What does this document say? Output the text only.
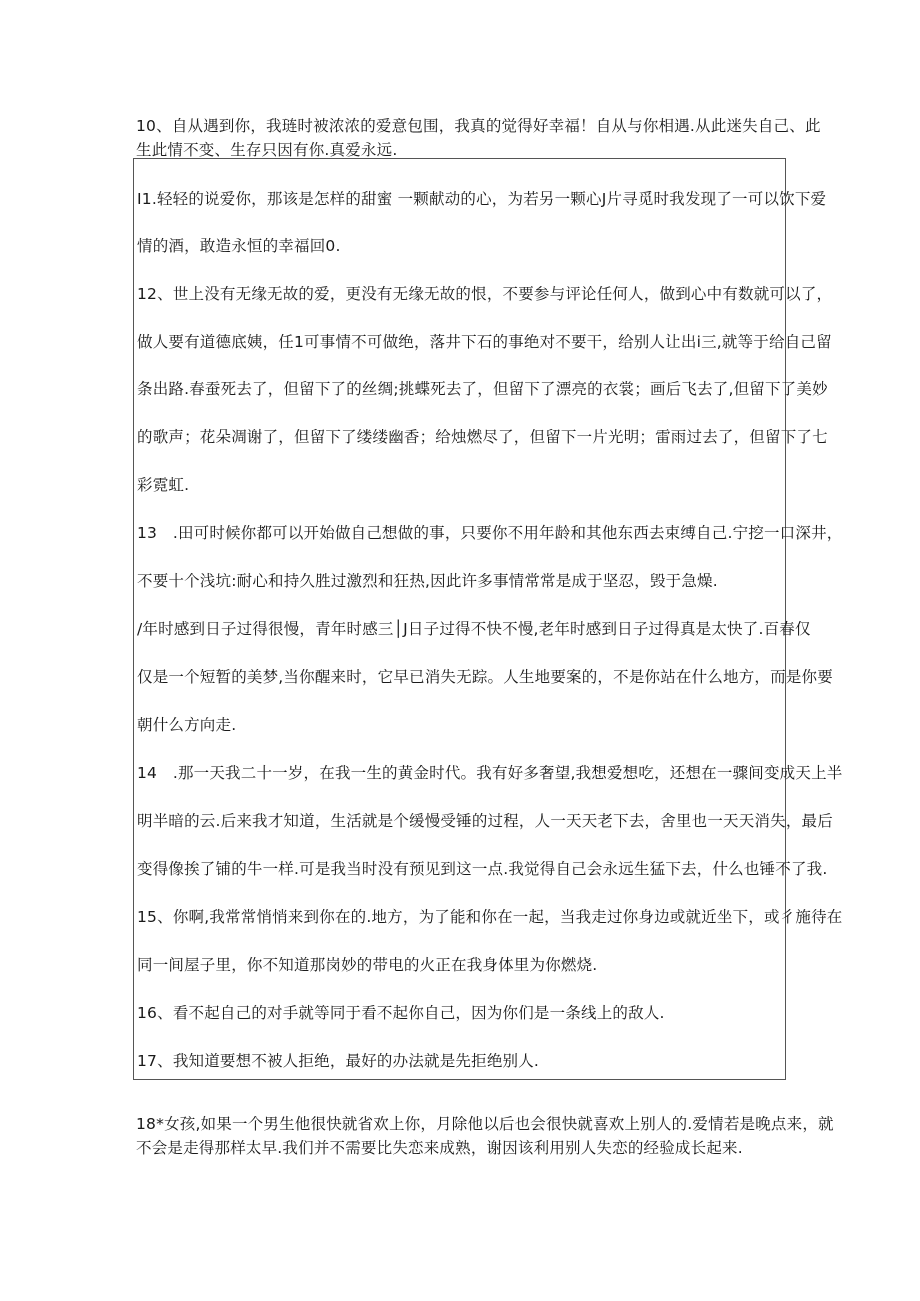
10、自从遇到你，我琏时被浓浓的爱意包围，我真的觉得好幸福！自从与你相遇.从此迷失自己、此
生此情不变、生存只因有你.真爱永远.
I1.轻轻的说爱你，那该是怎样的甜蜜 一颗献动的心，为若另一颗心J片寻觅时我发现了一可以饮下爱
情的酒，敢造永恒的幸福回0.
12、世上没有无缘无故的爱，更没有无缘无故的恨，不要参与评论任何人，做到心中有数就可以了，
做人要有道德底姨，任1可事情不可做绝，落井下石的事绝对不要干，给别人让出i三,就等于给自己留
条出路.春蚕死去了，但留下了的丝绸;挑蝶死去了，但留下了漂亮的衣裳；画后飞去了,但留下了美妙
的歌声；花朵凋谢了，但留下了缕缕幽香；给烛燃尽了，但留下一片光明；雷雨过去了，但留下了七
彩霓虹.
13　.田可时候你都可以开始做自己想做的事，只要你不用年龄和其他东西去束缚自己.宁挖一口深井，
不要十个浅坑:耐心和持久胜过激烈和狂热,因此许多事情常常是成于坚忍，毁于急燥.
/年时感到日子过得很慢，青年时感三│J日子过得不快不慢,老年时感到日子过得真是太快了.百春仅
仅是一个短暂的美梦,当你醒来时，它早已消失无踪。人生地要案的，不是你站在什么地方，而是你要
朝什么方向走.
14　.那一天我二十一岁，在我一生的黄金时代。我有好多奢望,我想爱想吃，还想在一骤间变成天上半
明半暗的云.后来我才知道，生活就是个缓慢受锤的过程，人一天天老下去，舍里也一天天消失，最后
变得像挨了铺的牛一样.可是我当时没有预见到这一点.我觉得自己会永远生猛下去，什么也锤不了我.
15、你啊,我常常悄悄来到你在的.地方，为了能和你在一起，当我走过你身边或就近坐下，或彳施待在
同一间屋子里，你不知道那岗妙的带电的火正在我身体里为你燃烧.
16、看不起自己的对手就等同于看不起你自己，因为你们是一条线上的敌人.
17、我知道要想不被人拒绝，最好的办法就是先拒绝别人.
18*女孩,如果一个男生他很快就省欢上你，月除他以后也会很快就喜欢上别人的.爱情若是晚点来，就
不会是走得那样太早.我们并不需要比失恋来成熟，谢因该利用别人失恋的经验成长起来.
